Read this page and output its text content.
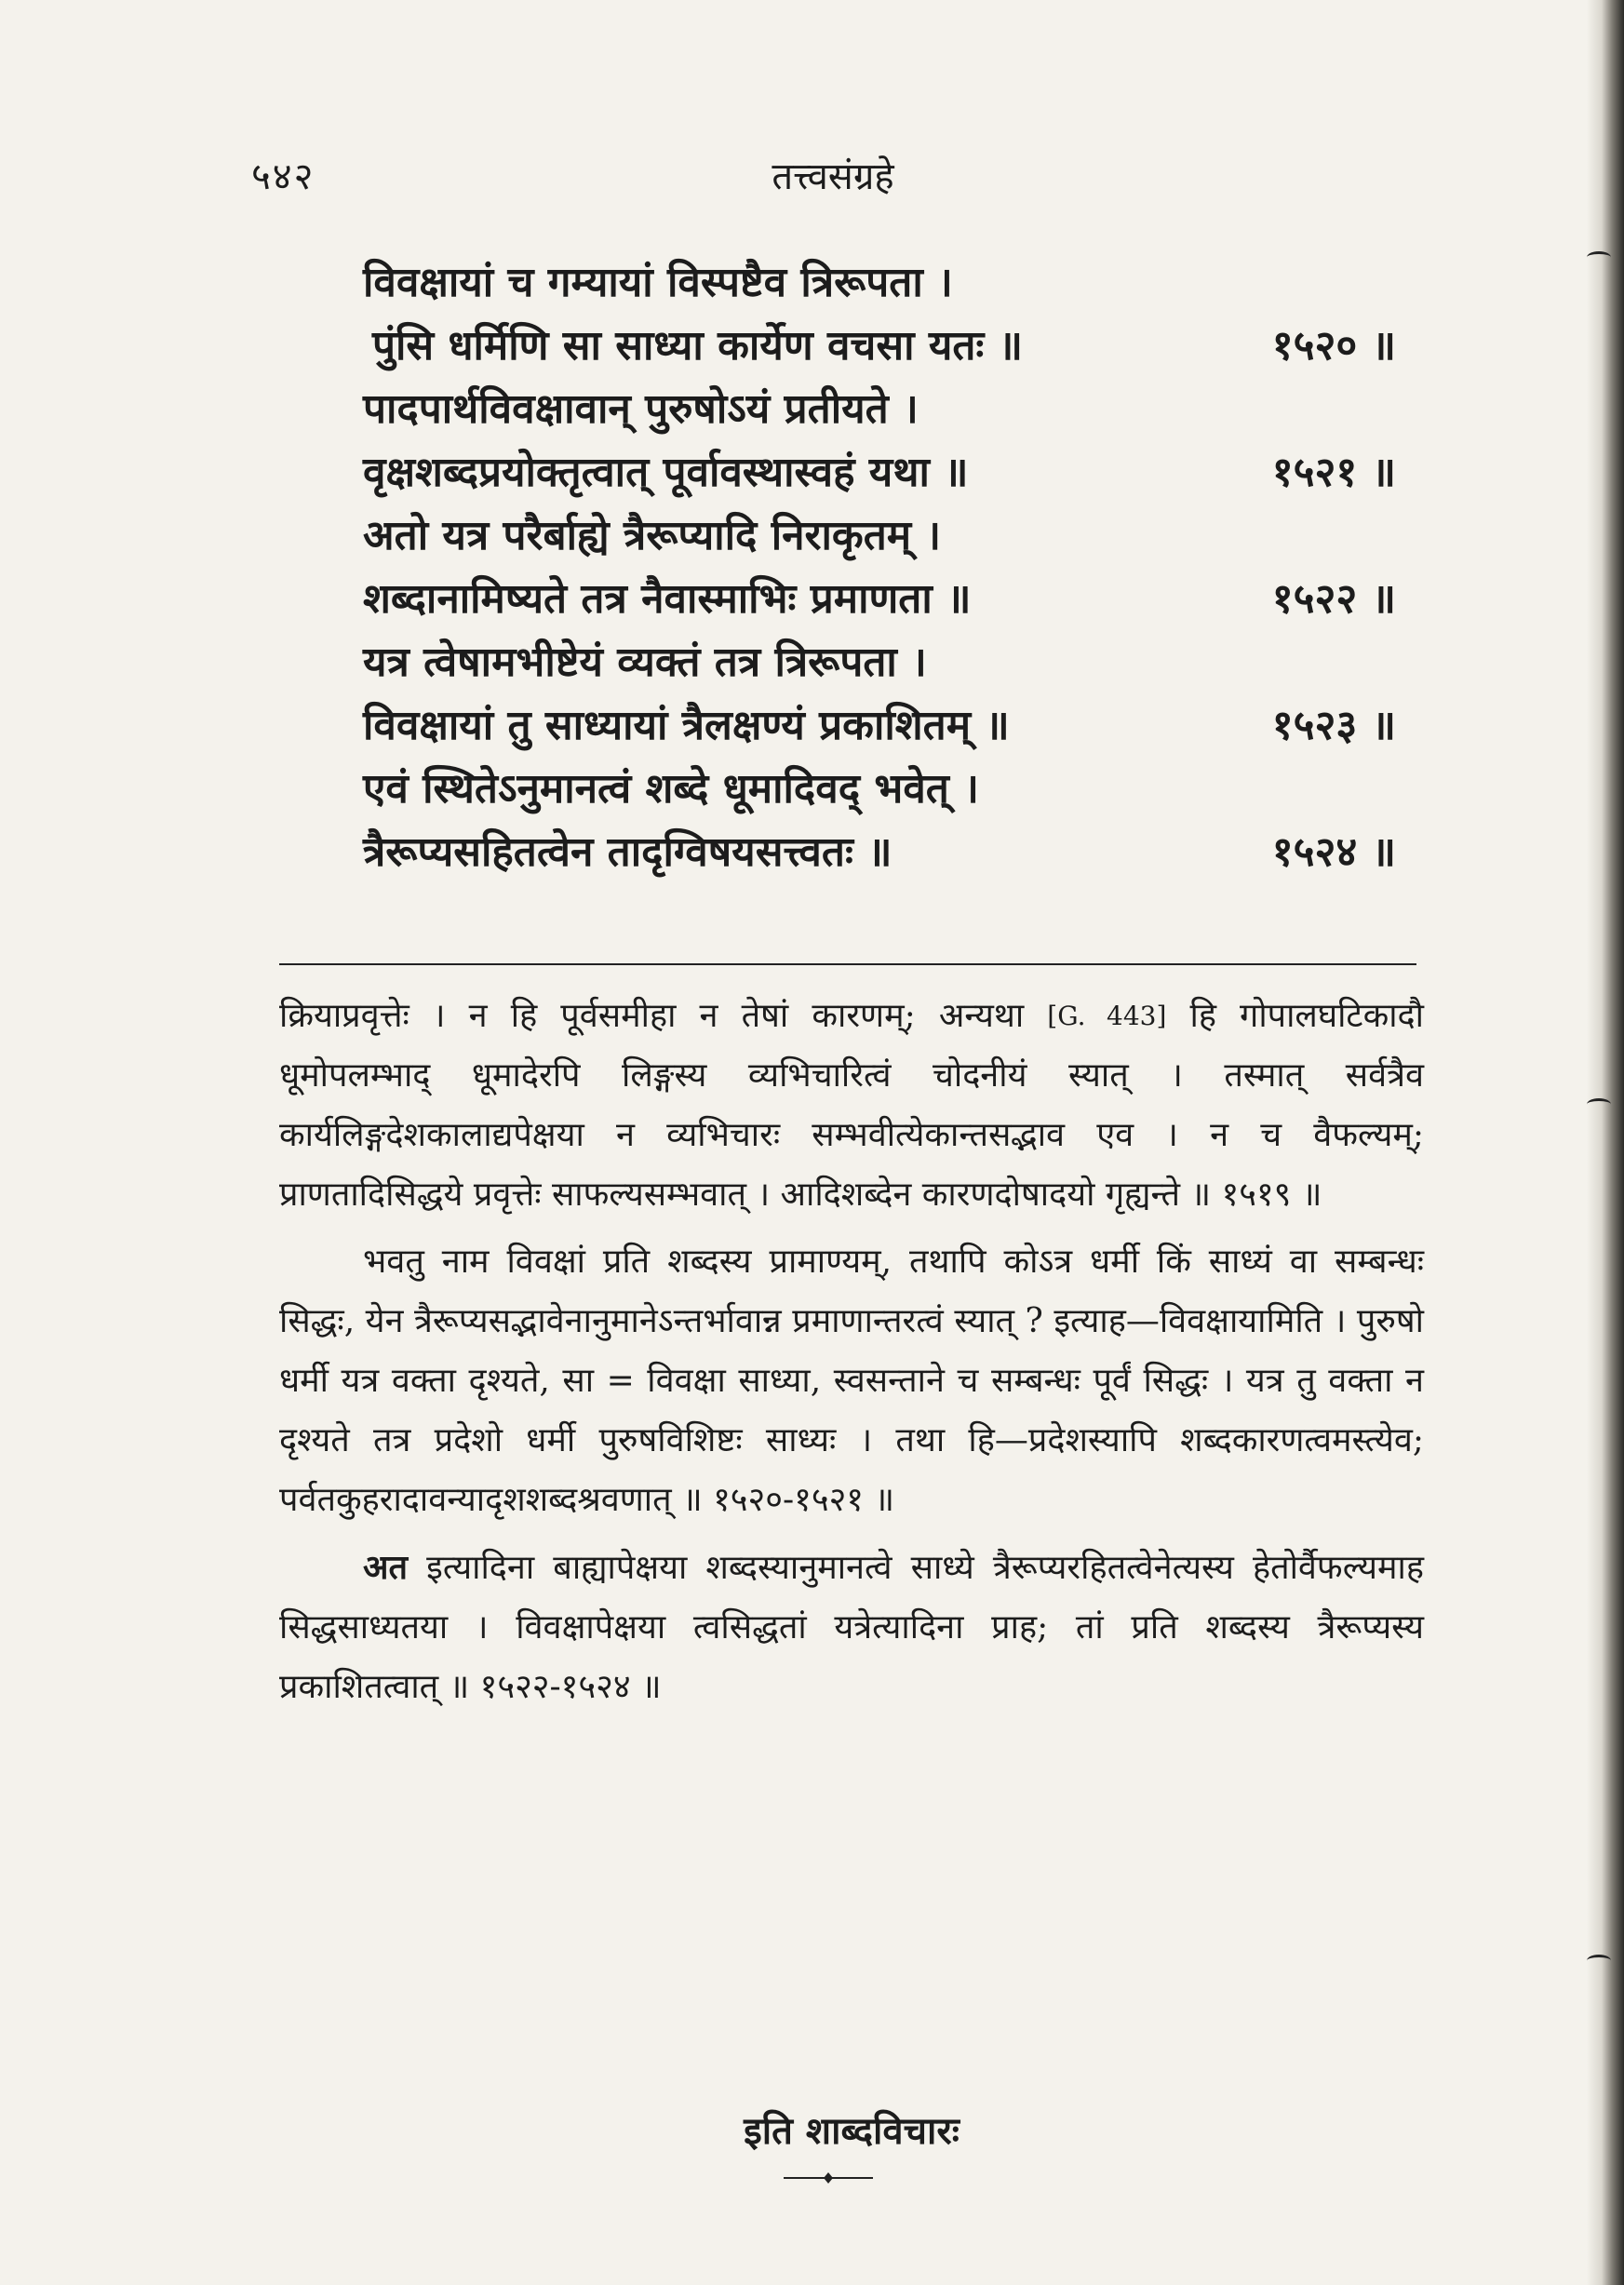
५४२	तत्त्वसंग्रहे
विवक्षायां च गम्यायां विस्पष्टैव त्रिरूपता ।
पुंसि धर्मिणि सा साध्या कार्येण वचसा यतः ॥	१५२० ॥
पादपार्थविवक्षावान् पुरुषोऽयं प्रतीयते ।
वृक्षशब्दप्रयोक्तृत्वात् पूर्वावस्थास्वहं यथा ॥	१५२१ ॥
अतो यत्र परैर्बाह्ये त्रैरूप्यादि निराकृतम् ।
शब्दानामिष्यते तत्र नैवास्माभिः प्रमाणता ॥	१५२२ ॥
यत्र त्वेषामभीष्टेयं व्यक्तं तत्र त्रिरूपता ।
विवक्षायां तु साध्यायां त्रैलक्षण्यं प्रकाशितम् ॥	१५२३ ॥
एवं स्थितेऽनुमानत्वं शब्दे धूमादिवद् भवेत् ।
त्रैरूप्यसहितत्वेन तादृग्विषयसत्त्वतः ॥	१५२४ ॥

क्रियाप्रवृत्तेः । न हि पूर्वसमीहा न तेषां कारणम्; अन्यथा [G. 443] हि गोपालघटिकादौ धूमोपलम्भाद् धूमादेरपि लिङ्गस्य व्यभिचारित्वं चोदनीयं स्यात् । तस्मात् सर्वत्रैव कार्यलिङ्गदेशकालाद्यपेक्षया न व्यभिचारः सम्भवीत्येकान्तसद्भाव एव । न च वैफल्यम्; प्राणतादिसिद्धये प्रवृत्तेः साफल्यसम्भवात् । आदिशब्देन कारणदोषादयो गृह्यन्ते ॥ १५१९ ॥

भवतु नाम विवक्षां प्रति शब्दस्य प्रामाण्यम्, तथापि कोऽत्र धर्मी किं साध्यं वा सम्बन्धः सिद्धः, येन त्रैरूप्यसद्भावेनानुमानेऽन्तर्भावान्न प्रमाणान्तरत्वं स्यात् ? इत्याह—विवक्षायामिति । पुरुषो धर्मी यत्र वक्ता दृश्यते, सा = विवक्षा साध्या, स्वसन्ताने च सम्बन्धः पूर्वं सिद्धः । यत्र तु वक्ता न दृश्यते तत्र प्रदेशो धर्मी पुरुषविशिष्टः साध्यः । तथा हि—प्रदेशस्यापि शब्दकारणत्वमस्त्येव; पर्वतकुहरादावन्यादृशशब्दश्रवणात् ॥ १५२०-१५२१ ॥

अत इत्यादिना बाह्यापेक्षया शब्दस्यानुमानत्वे साध्ये त्रैरूप्यरहितत्वेनेत्यस्य हेतोर्वैफल्यमाह सिद्धसाध्यतया । विवक्षापेक्षया त्वसिद्धतां यत्रेत्यादिना प्राह; तां प्रति शब्दस्य त्रैरूप्यस्य प्रकाशितत्वात् ॥ १५२२-१५२४ ॥

इति शाब्दविचारः
